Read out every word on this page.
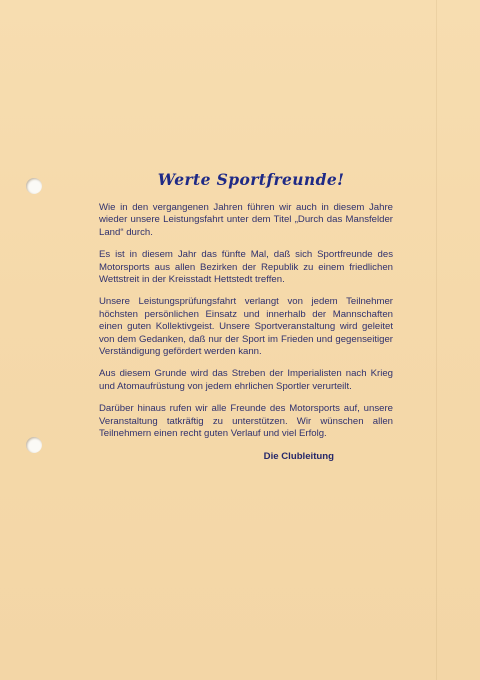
Werte Sportfreunde!

Wie in den vergangenen Jahren führen wir auch in diesem Jahre wieder unsere Leistungsfahrt unter dem Titel „Durch das Mansfelder Land“ durch.

Es ist in diesem Jahr das fünfte Mal, daß sich Sportfreunde des Motorsports aus allen Bezirken der Republik zu einem friedlichen Wettstreit in der Kreisstadt Hettstedt treffen.

Unsere Leistungsprüfungsfahrt verlangt von jedem Teilnehmer höchsten persönlichen Einsatz und innerhalb der Mannschaften einen guten Kollektivgeist. Unsere Sportveranstaltung wird geleitet von dem Gedanken, daß nur der Sport im Frieden und gegenseitiger Verständigung gefördert werden kann.

Aus diesem Grunde wird das Streben der Imperialisten nach Krieg und Atomaufrüstung von jedem ehrlichen Sportler verurteilt.

Darüber hinaus rufen wir alle Freunde des Motorsports auf, unsere Veranstaltung tatkräftig zu unterstützen. Wir wünschen allen Teilnehmern einen recht guten Verlauf und viel Erfolg.

Die Clubleitung
